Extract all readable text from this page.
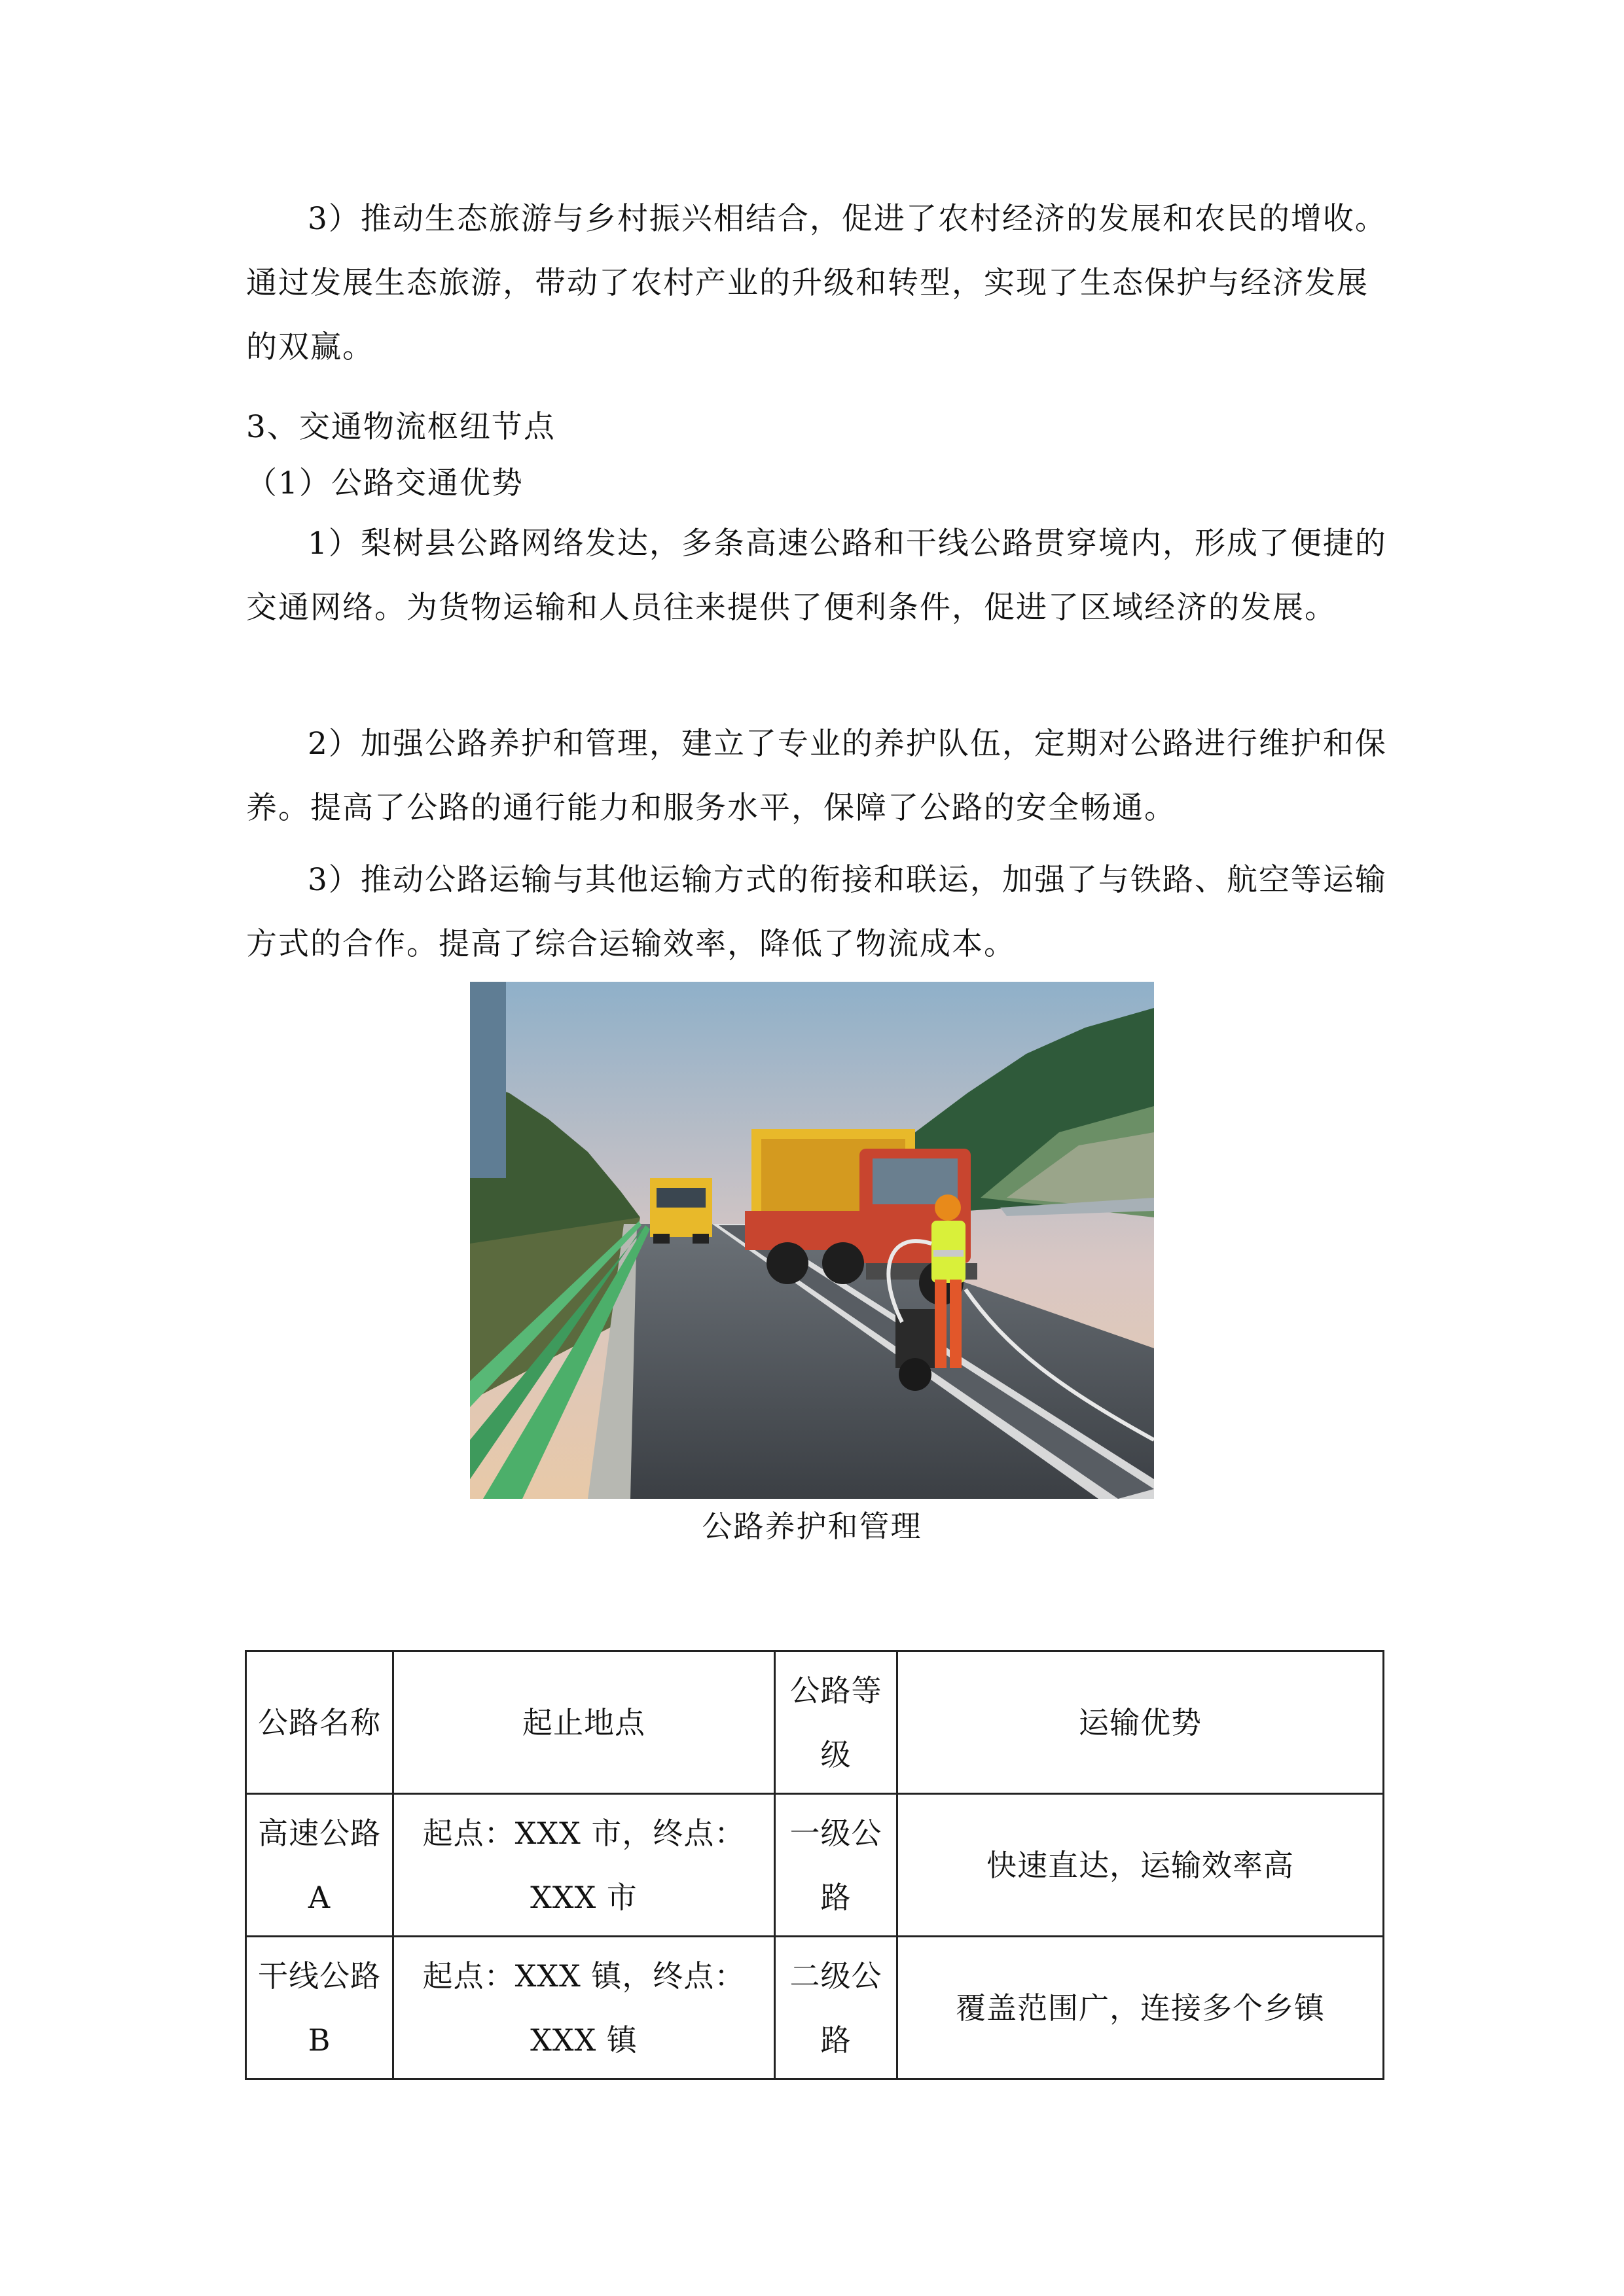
3）推动生态旅游与乡村振兴相结合，促进了农村经济的发展和农民的增收。通过发展生态旅游，带动了农村产业的升级和转型，实现了生态保护与经济发展的双赢。

3、交通物流枢纽节点

（1）公路交通优势

1）梨树县公路网络发达，多条高速公路和干线公路贯穿境内，形成了便捷的交通网络。为货物运输和人员往来提供了便利条件，促进了区域经济的发展。

2）加强公路养护和管理，建立了专业的养护队伍，定期对公路进行维护和保养。提高了公路的通行能力和服务水平，保障了公路的安全畅通。

3）推动公路运输与其他运输方式的衔接和联运，加强了与铁路、航空等运输方式的合作。提高了综合运输效率，降低了物流成本。

公路养护和管理
公路名称	起止地点	公路等级	运输优势
高速公路A	起点：XXX 市，终点：XXX 市	一级公路	快速直达，运输效率高
干线公路B	起点：XXX 镇，终点：XXX 镇	二级公路	覆盖范围广，连接多个乡镇
